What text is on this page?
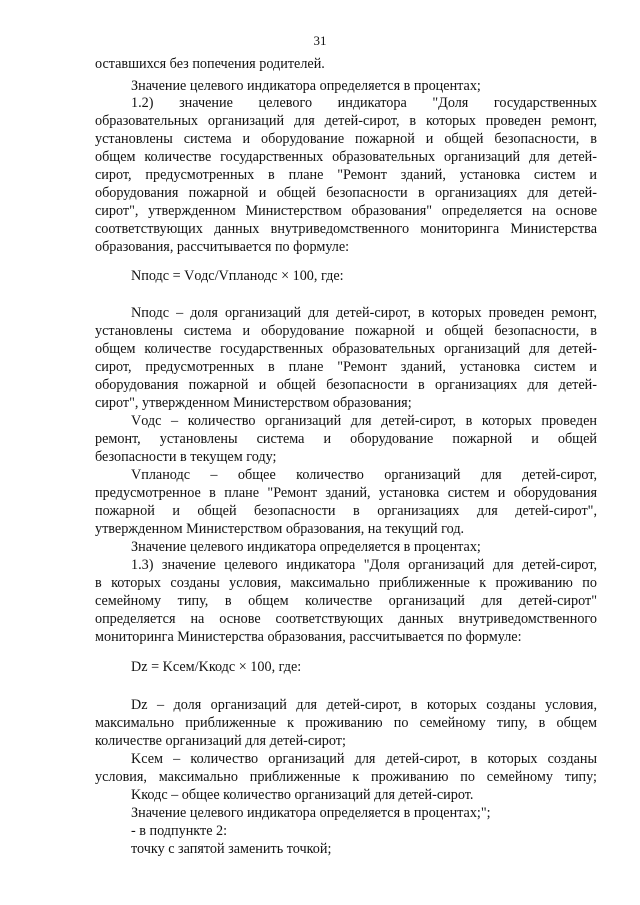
31
оставшихся без попечения родителей.
Значение целевого индикатора определяется в процентах;
1.2) значение целевого индикатора "Доля государственных
образовательных организаций для детей-сирот, в которых проведен ремонт,
установлены система и оборудование пожарной и общей безопасности, в
общем количестве государственных образовательных организаций для детей-
сирот, предусмотренных в плане "Ремонт зданий, установка систем и
оборудования пожарной и общей безопасности в организациях для детей-
сирот", утвержденном Министерством образования" определяется на основе
соответствующих данных внутриведомственного мониторинга Министерства
образования, рассчитывается по формуле:
Nподс – доля организаций для детей-сирот, в которых проведен ремонт,
установлены система и оборудование пожарной и общей безопасности, в
общем количестве государственных образовательных организаций для детей-
сирот, предусмотренных в плане "Ремонт зданий, установка систем и
оборудования пожарной и общей безопасности в организациях для детей-
сирот", утвержденном Министерством образования;
Vодс – количество организаций для детей-сирот, в которых проведен
ремонт, установлены система и оборудование пожарной и общей
безопасности в текущем году;
Vпланодс – общее количество организаций для детей-сирот,
предусмотренное в плане "Ремонт зданий, установка систем и оборудования
пожарной и общей безопасности в организациях для детей-сирот",
утвержденном Министерством образования, на текущий год.
Значение целевого индикатора определяется в процентах;
1.3) значение целевого индикатора "Доля организаций для детей-сирот,
в которых созданы условия, максимально приближенные к проживанию по
семейному типу, в общем количестве организаций для детей-сирот"
определяется на основе соответствующих данных внутриведомственного
мониторинга Министерства образования, рассчитывается по формуле:
Dz – доля организаций для детей-сирот, в которых созданы условия,
максимально приближенные к проживанию по семейному типу, в общем
количестве организаций для детей-сирот;
Kсем – количество организаций для детей-сирот, в которых созданы
условия, максимально приближенные к проживанию по семейному типу;
Kкодс – общее количество организаций для детей-сирот.
Значение целевого индикатора определяется в процентах;";
- в подпункте 2:
точку с запятой заменить точкой;
Nподс = Vодс/Vпланодс × 100, где:
Dz = Kсем/Kкодс × 100, где:
